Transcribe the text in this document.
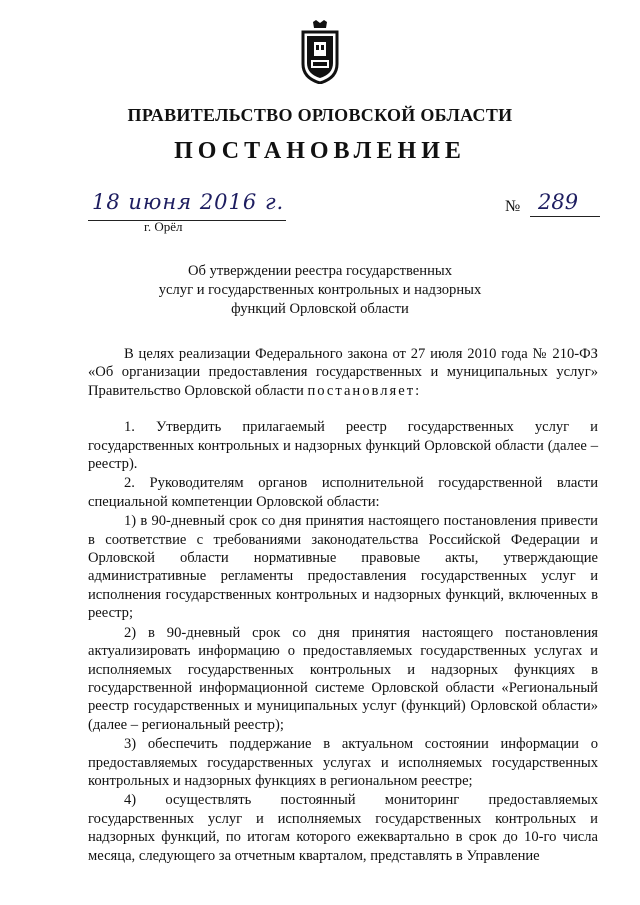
ПРАВИТЕЛЬСТВО ОРЛОВСКОЙ ОБЛАСТИ
ПОСТАНОВЛЕНИЕ
18 июня 2016 г.
г. Орёл
№ 289
Об утверждении реестра государственных
услуг и государственных контрольных и надзорных
функций Орловской области

В целях реализации Федерального закона от 27 июля 2010 года № 210-ФЗ «Об организации предоставления государственных и муниципальных услуг» Правительство Орловской области постановляет:

1. Утвердить прилагаемый реестр государственных услуг и государственных контрольных и надзорных функций Орловской области (далее – реестр).

2. Руководителям органов исполнительной государственной власти специальной компетенции Орловской области:

1) в 90-дневный срок со дня принятия настоящего постановления привести в соответствие с требованиями законодательства Российской Федерации и Орловской области нормативные правовые акты, утверждающие административные регламенты предоставления государственных услуг и исполнения государственных контрольных и надзорных функций, включенных в реестр;

2) в 90-дневный срок со дня принятия настоящего постановления актуализировать информацию о предоставляемых государственных услугах и исполняемых государственных контрольных и надзорных функциях в государственной информационной системе Орловской области «Региональный реестр государственных и муниципальных услуг (функций) Орловской области» (далее – региональный реестр);

3) обеспечить поддержание в актуальном состоянии информации о предоставляемых государственных услугах и исполняемых государственных контрольных и надзорных функциях в региональном реестре;

4) осуществлять постоянный мониторинг предоставляемых государственных услуг и исполняемых государственных контрольных и надзорных функций, по итогам которого ежеквартально в срок до 10-го числа месяца, следующего за отчетным кварталом, представлять в Управление
